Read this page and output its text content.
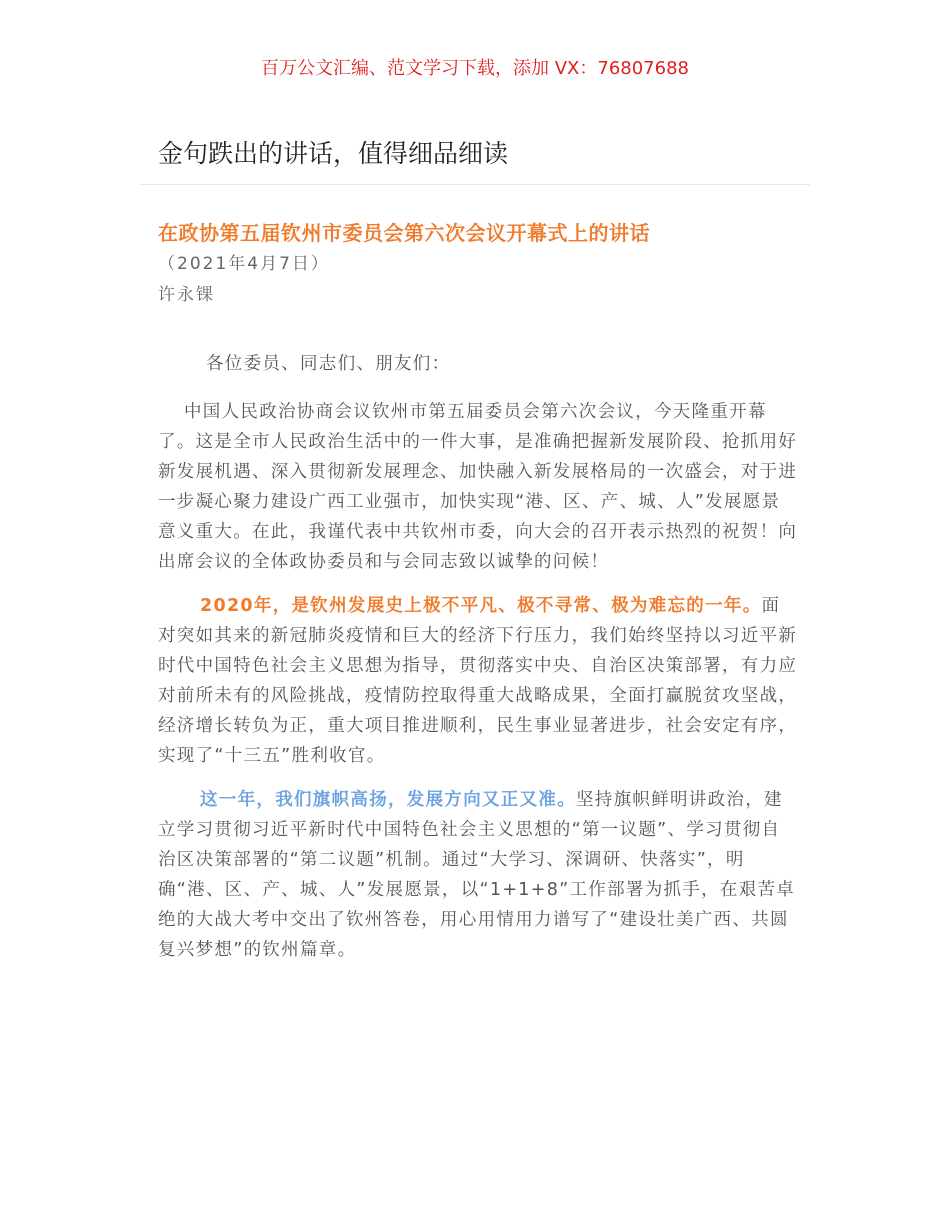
百万公文汇编、范文学习下载，添加 VX：76807688
金句跌出的讲话，值得细品细读

在政协第五届钦州市委员会第六次会议开幕式上的讲话

（2021年4月7日）

许永锞

各位委员、同志们、朋友们：

中国人民政治协商会议钦州市第五届委员会第六次会议，今天隆重开幕了。这是全市人民政治生活中的一件大事，是准确把握新发展阶段、抢抓用好新发展机遇、深入贯彻新发展理念、加快融入新发展格局的一次盛会，对于进一步凝心聚力建设广西工业强市，加快实现“港、区、产、城、人”发展愿景意义重大。在此，我谨代表中共钦州市委，向大会的召开表示热烈的祝贺！向出席会议的全体政协委员和与会同志致以诚挚的问候！

2020年，是钦州发展史上极不平凡、极不寻常、极为难忘的一年。面对突如其来的新冠肺炎疫情和巨大的经济下行压力，我们始终坚持以习近平新时代中国特色社会主义思想为指导，贯彻落实中央、自治区决策部署，有力应对前所未有的风险挑战，疫情防控取得重大战略成果，全面打赢脱贫攻坚战，经济增长转负为正，重大项目推进顺利，民生事业显著进步，社会安定有序，实现了“十三五”胜利收官。

这一年，我们旗帜高扬，发展方向又正又准。坚持旗帜鲜明讲政治，建立学习贯彻习近平新时代中国特色社会主义思想的“第一议题”、学习贯彻自治区决策部署的“第二议题”机制。通过“大学习、深调研、快落实”，明确“港、区、产、城、人”发展愿景，以“1+1+8”工作部署为抓手，在艰苦卓绝的大战大考中交出了钦州答卷，用心用情用力谱写了“建设壮美广西、共圆复兴梦想”的钦州篇章。
